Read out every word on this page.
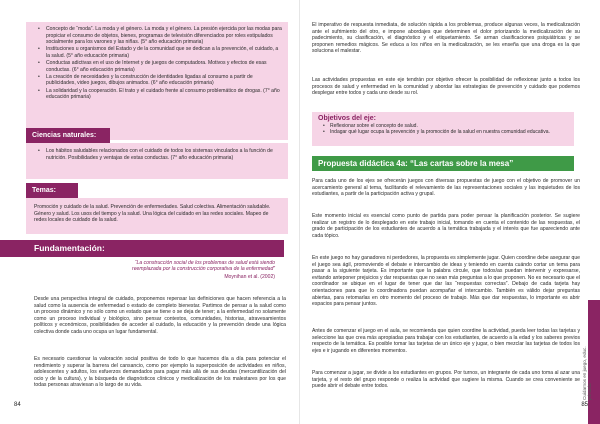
• Concepto de “moda”. La moda y el género. La moda y el género. La presión ejercida por las modas para propiciar el consumo de objetos, bienes, programas de televisión diferenciados por roles estipulados socialmente para los varones y las niñas. (5° año educación primaria)
• Instituciones u organismos del Estado y de la comunidad que se dedican a la prevención, el cuidado, a la salud. (5° año educación primaria)
• Conductas adictivas en el uso de Internet y de juegos de computadora. Motivos y efectos de esas conductas. (6° año educación primaria)
• La creación de necesidades y la construcción de identidades ligadas al consumo a partir de publicidades, video juegos, dibujos animados. (6° año educación primaria)
• La solidaridad y la cooperación. El trato y el cuidado frente al consumo problemático de drogas. (7° año educación primaria)
Ciencias naturales:
• Los hábitos saludables relacionados con el cuidado de todos los sistemas vinculados a la función de nutrición. Posibilidades y ventajas de estas conductas. (7° año educación primaria)
Temas:

Promoción y cuidado de la salud. Prevención de enfermedades. Salud colectiva. Alimentación saludable. Género y salud. Los usos del tiempo y la salud. Una lógica del cuidado en las redes sociales. Mapeo de redes locales de cuidado de la salud.

Fundamentación:
“La construcción social de los problemas de salud está siendo reemplazada por la construcción corporativa de la enfermedad”
Moynihan et al. (2002)
Desde una perspectiva integral de cuidado, proponemos repensar las definiciones que hacen referencia a la salud como la ausencia de enfermedad o estado de completo bienestar. Partimos de pensar a la salud como un proceso dinámico y no sólo como un estado que se tiene o se deja de tener; a la enfermedad no solamente como un proceso individual y biológico, sino pensar contextos, comunidades, historias, atravesamientos políticos y económicos, posibilidades de acceder al cuidado, la educación y la prevención desde una lógica colectiva donde cada uno ocupa un lugar fundamental.
Es necesario cuestionar la valoración social positiva de todo lo que hacemos día a día para potenciar el rendimiento y superar la barrera del cansancio, como por ejemplo la superposición de actividades en niños, adolescentes y adultos, los esfuerzos demandados para pagar más allá de sus deudas (mercantilización del ocio y de la cultura), y la búsqueda de diagnósticos clínicos y medicalización de los malestares por los que todas personas atraviesan a lo largo de su vida.
84
El imperativo de respuesta inmediata, de solución rápida a los problemas, produce algunas veces, la medicalización ante el sufrimiento del otro, e impone abordajes que determinen el dolor priorizando la medicalización de su padecimiento, su clasificación, el diagnóstico y el etiquetamiento. Se arman clasificaciones psiquiátricas y se proponen remedios mágicos. Se educa a los niños en la medicalización, se les enseña que una droga es la que soluciona el malestar.
Las actividades propuestas en este eje tendrán por objetivo ofrecer la posibilidad de reflexionar junto a todos los procesos de salud y enfermedad en la comunidad y abordar las estrategias de prevención y cuidado que podemos desplegar entre todos y cada uno desde su rol.
Objetivos del eje:
• Reflexionar sobre el concepto de salud.
• Indagar qué lugar ocupa la prevención y la promoción de la salud en nuestra comunidad educativa.
Propuesta didáctica 4a: “Las cartas sobre la mesa”
Para cada uno de los ejes se ofrecerán juegos con diversas propuestas de juego con el objetivo de promover un acercamiento general al tema, facilitando el relevamiento de las representaciones sociales y las inquietudes de los estudiantes, a partir de la participación activa y grupal.
Este momento inicial es esencial como punto de partida para poder pensar la planificación posterior. Se sugiere realizar un registro de lo desplegado en este trabajo inicial, tomando en cuenta el contenido de las respuestas, el grado de participación de los estudiantes de acuerdo a la temática trabajada y el interés que fue apareciendo ante cada tópico.
En este juego no hay ganadores ni perdedores, la propuesta es simplemente jugar. Quien coordine debe asegurar que el juego sea ágil, promoviendo el debate e intercambio de ideas y teniendo en cuenta cuándo cortar un tema para pasar a la siguiente tarjeta. Es importante que la palabra circule, que todos/as puedan intervenir y expresarse, evitando anteponer prejuicios y dar respuestas que no sean más preguntas a lo que proponen. No es necesario que el coordinador se ubique en el lugar de tener que dar las “respuestas correctas”. Debajo de cada tarjeta hay orientaciones para que lo coordinadora puedan acompañar el intercambio. También es válido dejar preguntas abiertas, para retomarlas en otro momento del proceso de trabajo. Más que dar respuestas, lo importante es abrir espacios para pensar juntos.
Antes de comenzar el juego en el aula, se recomienda que quien coordine la actividad, pueda leer todas las tarjetas y seleccione las que crea más apropiadas para trabajar con los estudiantes, de acuerdo a la edad y los saberes previos respecto de la temática. Es posible tomar las tarjetas de un único eje y jugar, o bien mezclar las tarjetas de todos los ejes e ir jugando en diferentes momentos.
Para comenzar a jugar, se divide a los estudiantes en grupos. Por turnos, un integrante de cada uno toma al azar una tarjeta, y el resto del grupo responde o realiza la actividad que sugiere la misma. Cuando se crea conveniente se puede abrir el debate entre todos.	Cuidarnos en juego, educ. primaria
85
